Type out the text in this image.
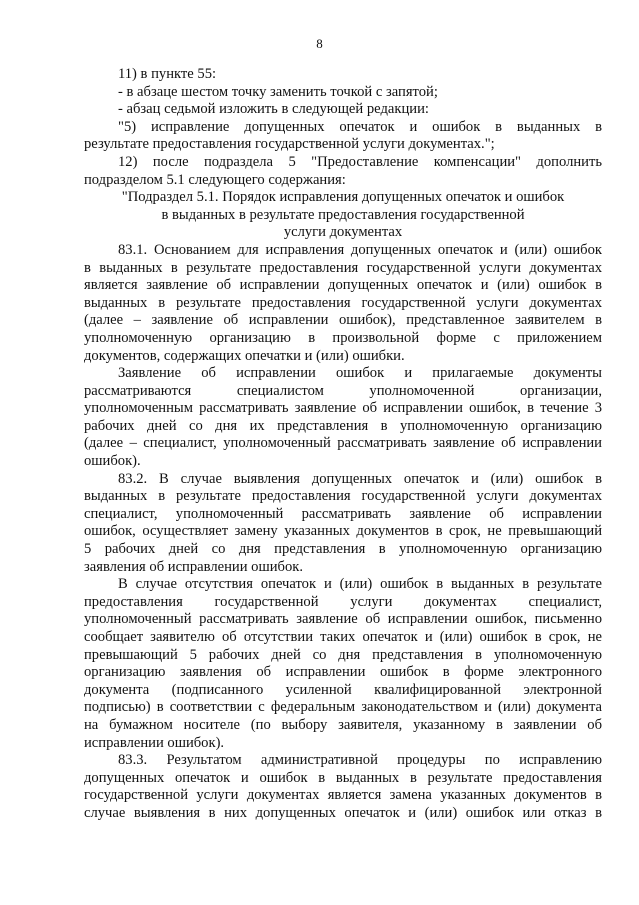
8
11) в пункте 55:
- в абзаце шестом точку заменить точкой с запятой;
- абзац седьмой изложить в следующей редакции:
"5) исправление допущенных опечаток и ошибок в выданных в
результате предоставления государственной услуги документах.";
12) после подраздела 5 "Предоставление компенсации" дополнить
подразделом 5.1 следующего содержания:
"Подраздел 5.1. Порядок исправления допущенных опечаток и ошибок
в выданных в результате предоставления государственной
услуги документах
83.1. Основанием для исправления допущенных опечаток и (или) ошибок
в выданных в результате предоставления государственной услуги документах
является заявление об исправлении допущенных опечаток и (или) ошибок в
выданных в результате предоставления государственной услуги документах
(далее – заявление об исправлении ошибок), представленное заявителем в
уполномоченную организацию в произвольной форме с приложением
документов, содержащих опечатки и (или) ошибки.
Заявление об исправлении ошибок и прилагаемые документы
рассматриваются специалистом уполномоченной организации,
уполномоченным рассматривать заявление об исправлении ошибок, в течение 3
рабочих дней со дня их представления в уполномоченную организацию
(далее – специалист, уполномоченный рассматривать заявление об исправлении
ошибок).
83.2. В случае выявления допущенных опечаток и (или) ошибок в
выданных в результате предоставления государственной услуги документах
специалист, уполномоченный рассматривать заявление об исправлении
ошибок, осуществляет замену указанных документов в срок, не превышающий
5 рабочих дней со дня представления в уполномоченную организацию
заявления об исправлении ошибок.
В случае отсутствия опечаток и (или) ошибок в выданных в результате
предоставления государственной услуги документах специалист,
уполномоченный рассматривать заявление об исправлении ошибок, письменно
сообщает заявителю об отсутствии таких опечаток и (или) ошибок в срок, не
превышающий 5 рабочих дней со дня представления в уполномоченную
организацию заявления об исправлении ошибок в форме электронного
документа (подписанного усиленной квалифицированной электронной
подписью) в соответствии с федеральным законодательством и (или) документа
на бумажном носителе (по выбору заявителя, указанному в заявлении об
исправлении ошибок).
83.3. Результатом административной процедуры по исправлению
допущенных опечаток и ошибок в выданных в результате предоставления
государственной услуги документах является замена указанных документов в
случае выявления в них допущенных опечаток и (или) ошибок или отказ в
